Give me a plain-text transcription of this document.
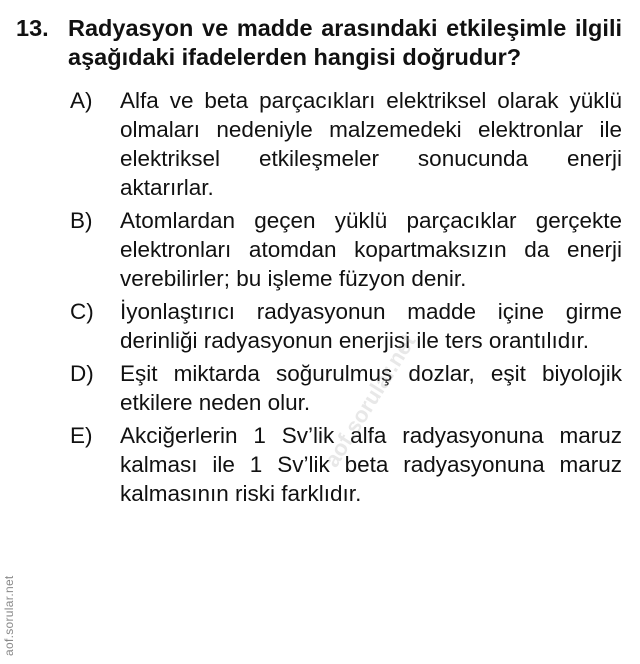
13. Radyasyon ve madde arasındaki etkileşimle ilgili aşağıdaki ifadelerden hangisi doğrudur?
A)	Alfa ve beta parçacıkları elektriksel olarak yüklü olmaları nedeniyle malzemedeki elektronlar ile elektriksel etkileşmeler sonucunda enerji aktarırlar.
B)	Atomlardan geçen yüklü parçacıklar gerçekte elektronları atomdan kopartmaksızın da enerji verebilirler; bu işleme füzyon denir.
C)	İyonlaştırıcı radyasyonun madde içine girme derinliği radyasyonun enerjisi ile ters orantılıdır.
D)	Eşit miktarda soğurulmuş dozlar, eşit biyolojik etkilere neden olur.
E)	Akciğerlerin 1 Sv’lik alfa radyasyonuna maruz kalması ile 1 Sv’lik beta radyasyonuna maruz kalmasının riski farklıdır.
aof.sorular.net
aof.sorular.net
